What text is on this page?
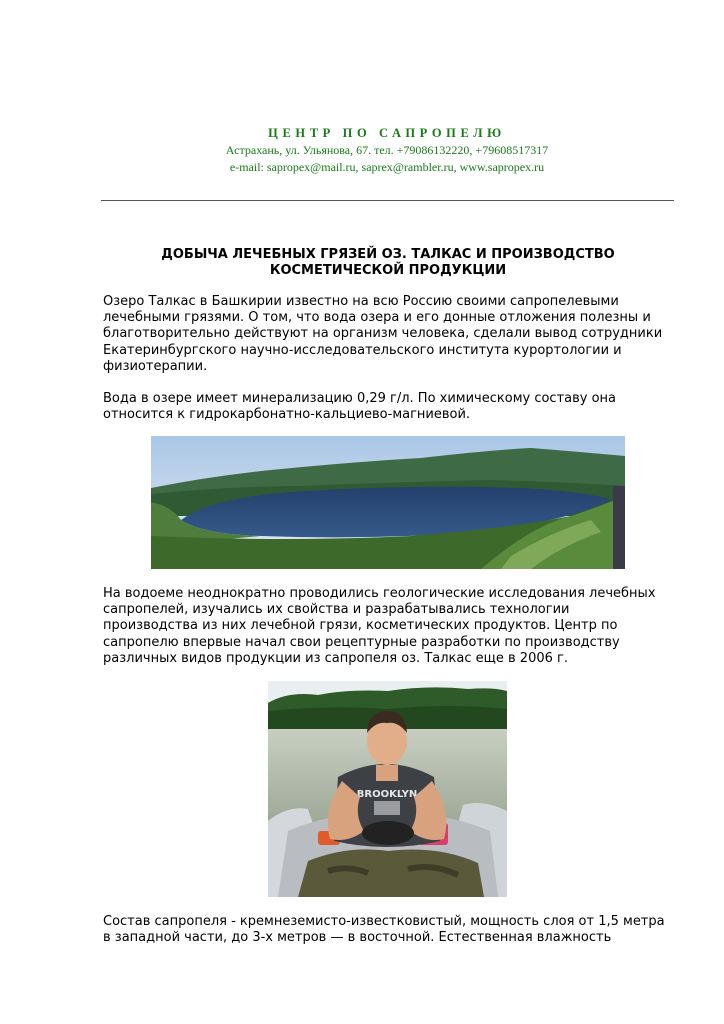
ЦЕНТР ПО САПРОПЕЛЮ
Астрахань, ул. Ульянова, 67. тел. +79086132220, +79608517317
e-mail: sapropex@mail.ru, saprex@rambler.ru, www.sapropex.ru
ДОБЫЧА ЛЕЧЕБНЫХ ГРЯЗЕЙ ОЗ. ТАЛКАС И ПРОИЗВОДСТВО
КОСМЕТИЧЕСКОЙ ПРОДУКЦИИ

Озеро Талкас в Башкирии известно на всю Россию своими сапропелевыми

лечебными грязями. О том, что вода озера и его донные отложения полезны и

благотворительно действуют на организм человека, сделали вывод сотрудники

Екатеринбургского научно-исследовательского института курортологии и

физиотерапии.

Вода в озере имеет минерализацию 0,29 г/л. По химическому составу она

относится к гидрокарбонатно-кальциево-магниевой.

На водоеме неоднократно проводились геологические исследования лечебных

сапропелей, изучались их свойства и разрабатывались технологии

производства из них лечебной грязи, косметических продуктов. Центр по

сапропелю впервые начал свои рецептурные разработки по производству

различных видов продукции из сапропеля оз. Талкас еще в 2006 г.

BROOKLYN

Состав сапропеля - кремнеземисто-известковистый, мощность слоя от 1,5 метра

в западной части, до 3-х метров — в восточной. Естественная влажность
